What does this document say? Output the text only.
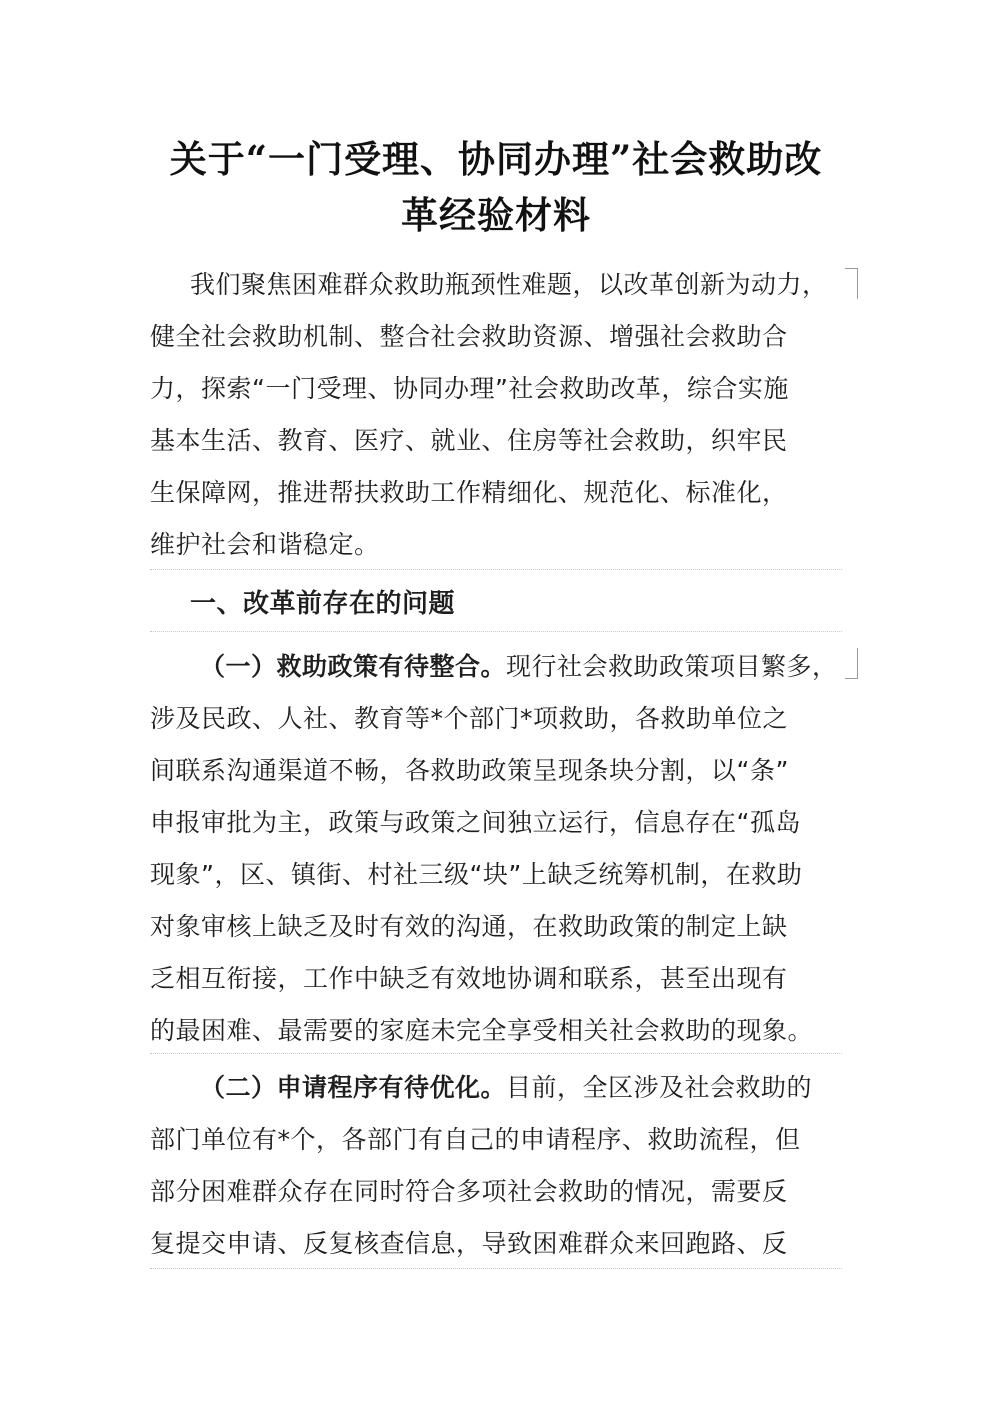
关于“一门受理、协同办理”社会救助改
革经验材料
我们聚焦困难群众救助瓶颈性难题，以改革创新为动力，
健全社会救助机制、整合社会救助资源、增强社会救助合
力，探索“一门受理、协同办理”社会救助改革，综合实施
基本生活、教育、医疗、就业、住房等社会救助，织牢民
生保障网，推进帮扶救助工作精细化、规范化、标准化，
维护社会和谐稳定。
一、改革前存在的问题
（一）救助政策有待整合。现行社会救助政策项目繁多，
涉及民政、人社、教育等*个部门*项救助，各救助单位之
间联系沟通渠道不畅，各救助政策呈现条块分割，以“条”
申报审批为主，政策与政策之间独立运行，信息存在“孤岛
现象”，区、镇街、村社三级“块”上缺乏统筹机制，在救助
对象审核上缺乏及时有效的沟通，在救助政策的制定上缺
乏相互衔接，工作中缺乏有效地协调和联系，甚至出现有
的最困难、最需要的家庭未完全享受相关社会救助的现象。
（二）申请程序有待优化。目前，全区涉及社会救助的
部门单位有*个，各部门有自己的申请程序、救助流程，但
部分困难群众存在同时符合多项社会救助的情况，需要反
复提交申请、反复核查信息，导致困难群众来回跑路、反
